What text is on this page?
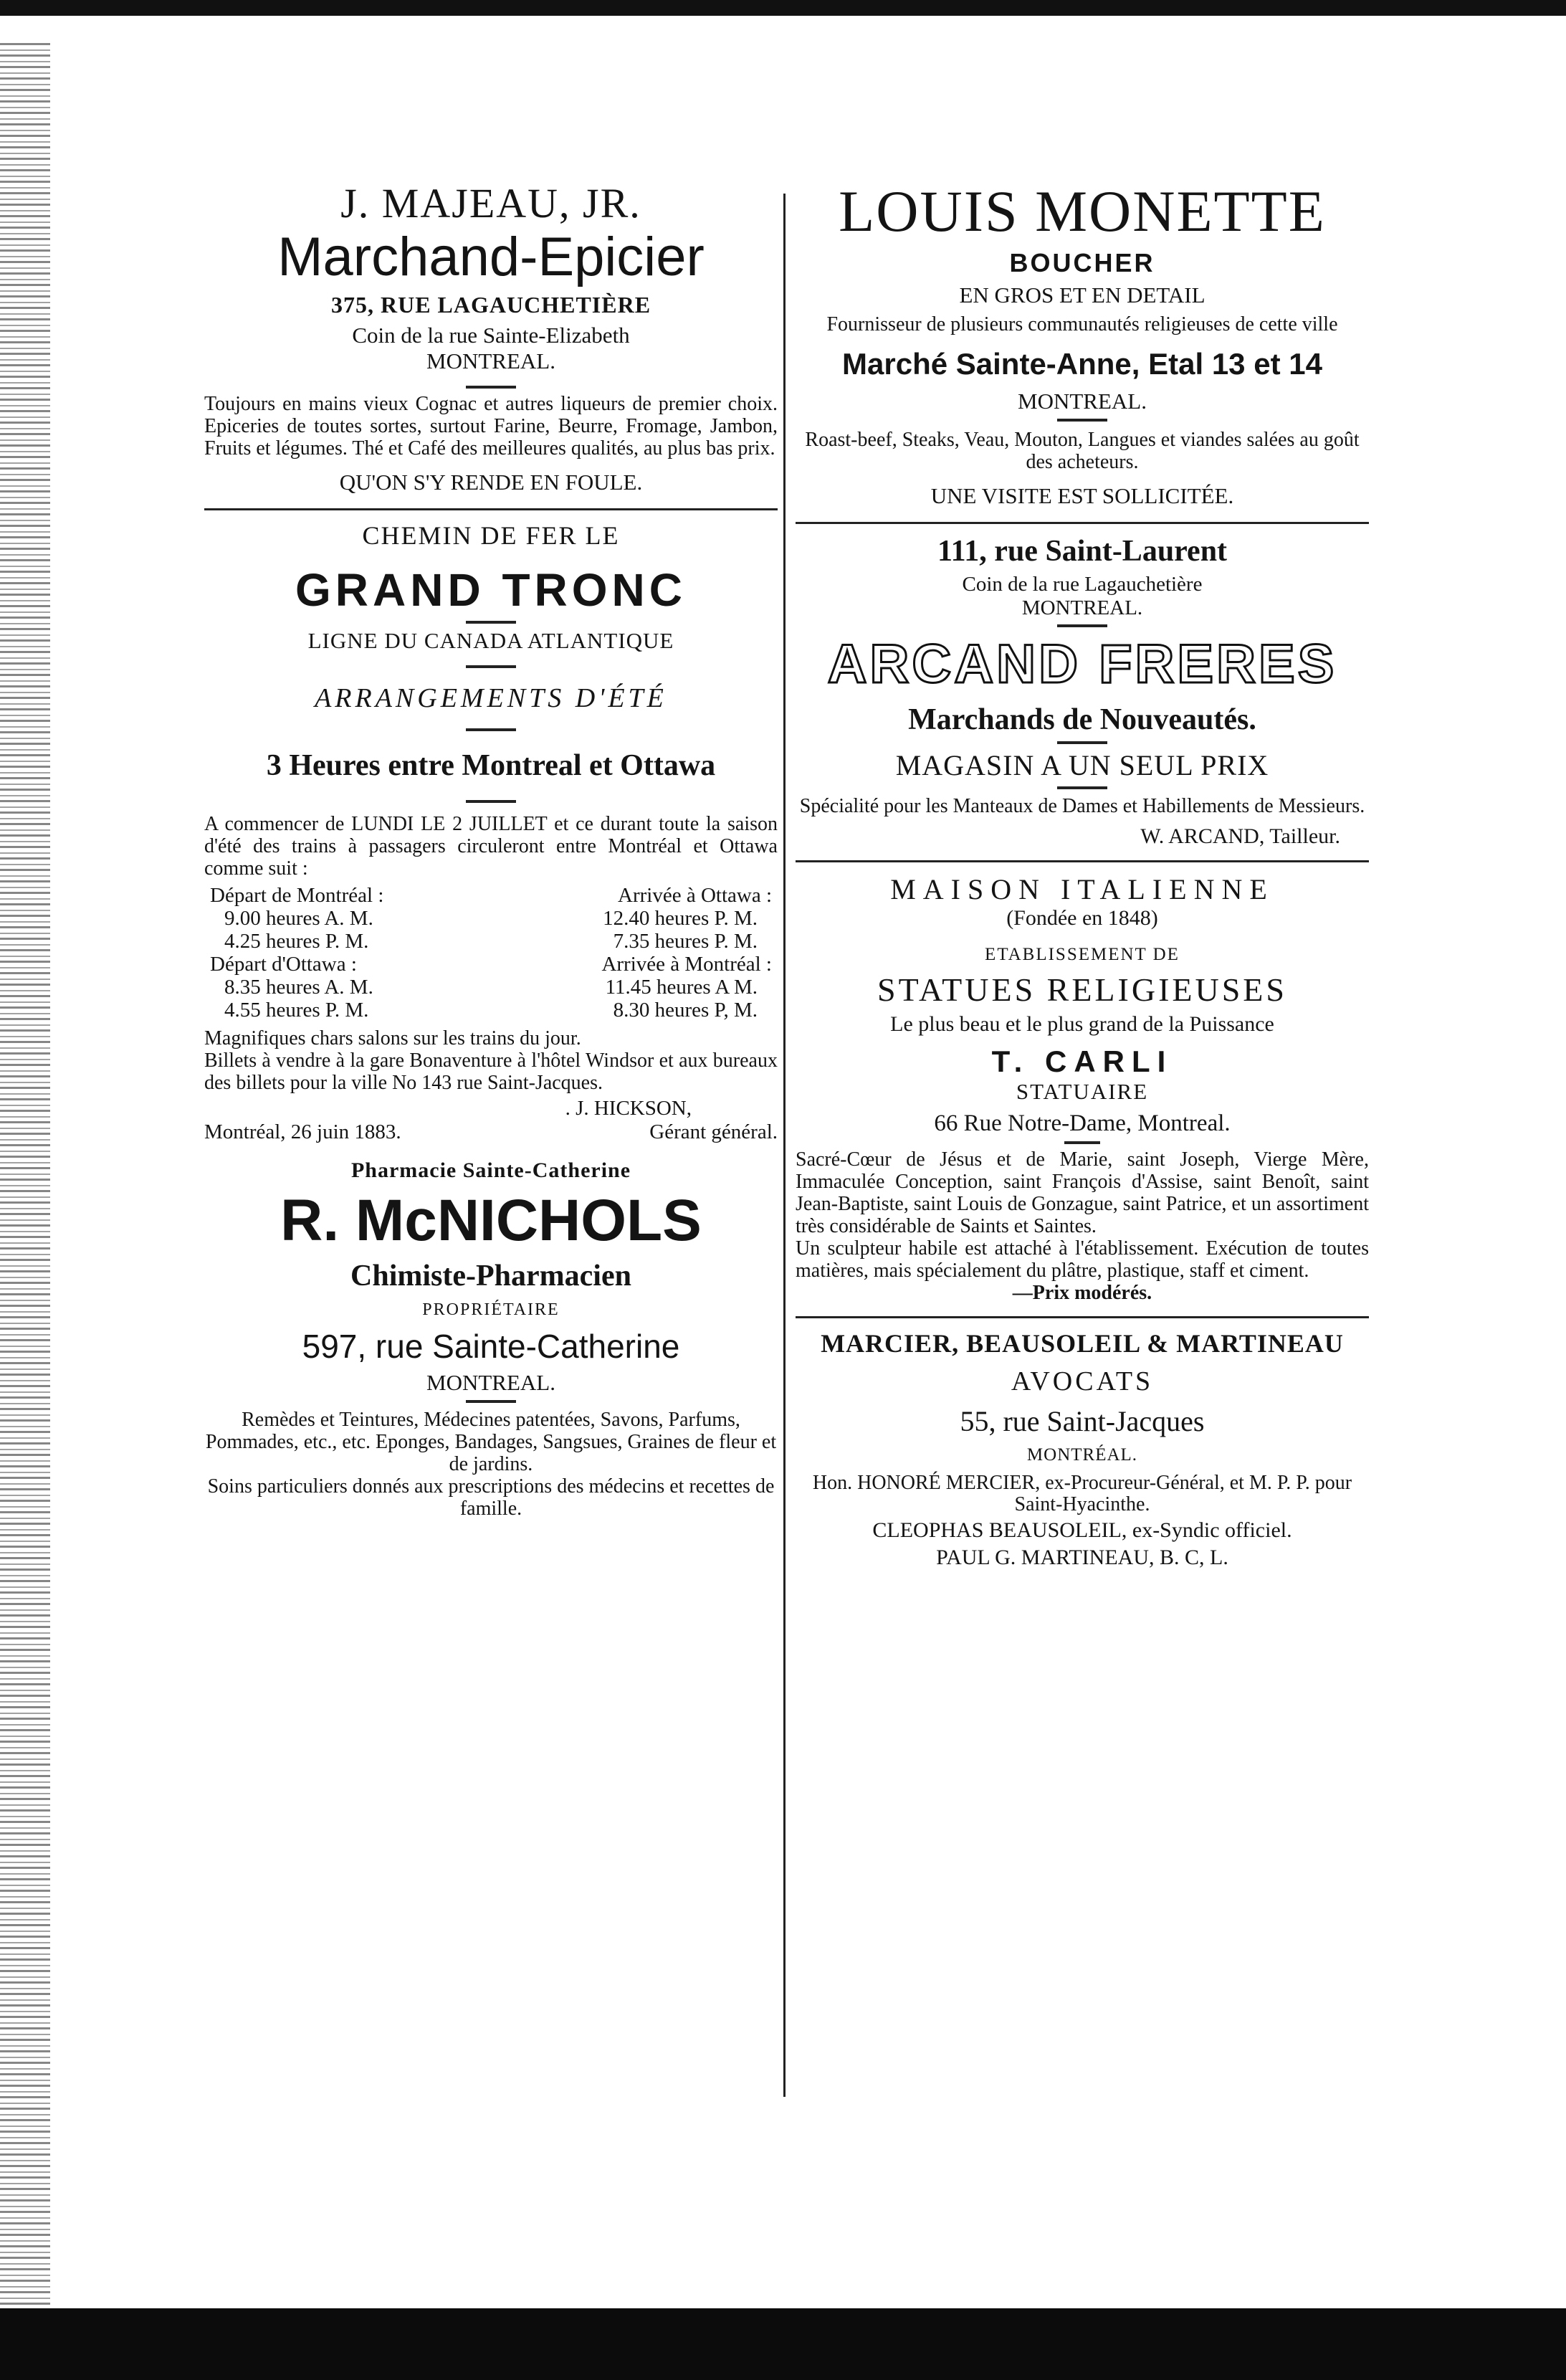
J. MAJEAU, JR.

Marchand-Epicier

375, RUE LAGAUCHETIÈRE

Coin de la rue Sainte-Elizabeth

MONTREAL.

Toujours en mains vieux Cognac et autres liqueurs de premier choix. Epiceries de toutes sortes, surtout Farine, Beurre, Fromage, Jambon, Fruits et légumes. Thé et Café des meilleures qualités, au plus bas prix.

QU'ON S'Y RENDE EN FOULE.

CHEMIN DE FER LE

GRAND TRONC

LIGNE DU CANADA ATLANTIQUE

ARRANGEMENTS D'ÉTÉ

3 Heures entre Montreal et Ottawa

A commencer de LUNDI LE 2 JUILLET et ce durant toute la saison d'été des trains à passagers circuleront entre Montréal et Ottawa comme suit :

Départ de Montréal :	Arrivée à Ottawa :
9.00 heures A. M.	12.40 heures P. M.
4.25 heures P. M.	7.35 heures P. M.
Départ d'Ottawa :	Arrivée à Montréal :
8.35 heures A. M.	11.45 heures A M.
4.55 heures P. M.	8.30 heures P, M.

Magnifiques chars salons sur les trains du jour.

Billets à vendre à la gare Bonaventure à l'hôtel Windsor et aux bureaux des billets pour la ville No 143 rue Saint-Jacques.

. J. HICKSON,

Montréal, 26 juin 1883.	Gérant général.

Pharmacie Sainte-Catherine

R. McNICHOLS

Chimiste-Pharmacien

PROPRIÉTAIRE

597, rue Sainte-Catherine

MONTREAL.

Remèdes et Teintures, Médecines patentées, Savons, Parfums, Pommades, etc., etc. Eponges, Bandages, Sangsues, Graines de fleur et de jardins.

Soins particuliers donnés aux prescriptions des médecins et recettes de famille.

LOUIS MONETTE

BOUCHER

EN GROS ET EN DETAIL

Fournisseur de plusieurs communautés religieuses de cette ville

Marché Sainte-Anne, Etal 13 et 14

MONTREAL.

Roast-beef, Steaks, Veau, Mouton, Langues et viandes salées au goût des acheteurs.

UNE VISITE EST SOLLICITÉE.

111, rue Saint-Laurent

Coin de la rue Lagauchetière

MONTREAL.

ARCAND FRERES

Marchands de Nouveautés.

MAGASIN A UN SEUL PRIX

Spécialité pour les Manteaux de Dames et Habillements de Messieurs.

W. ARCAND, Tailleur.

MAISON ITALIENNE

(Fondée en 1848)

ETABLISSEMENT DE

STATUES RELIGIEUSES

Le plus beau et le plus grand de la Puissance

T. CARLI

STATUAIRE

66 Rue Notre-Dame, Montreal.

Sacré-Cœur de Jésus et de Marie, saint Joseph, Vierge Mère, Immaculée Conception, saint François d'Assise, saint Benoît, saint Jean-Baptiste, saint Louis de Gonzague, saint Patrice, et un assortiment très considérable de Saints et Saintes.

Un sculpteur habile est attaché à l'établissement. Exécution de toutes matières, mais spécialement du plâtre, plastique, staff et ciment.

—Prix modérés.

MARCIER, BEAUSOLEIL & MARTINEAU

AVOCATS

55, rue Saint-Jacques

MONTRÉAL.

Hon. HONORÉ MERCIER, ex-Procureur-Général, et M. P. P. pour Saint-Hyacinthe.

CLEOPHAS BEAUSOLEIL, ex-Syndic officiel.

PAUL G. MARTINEAU, B. C, L.
